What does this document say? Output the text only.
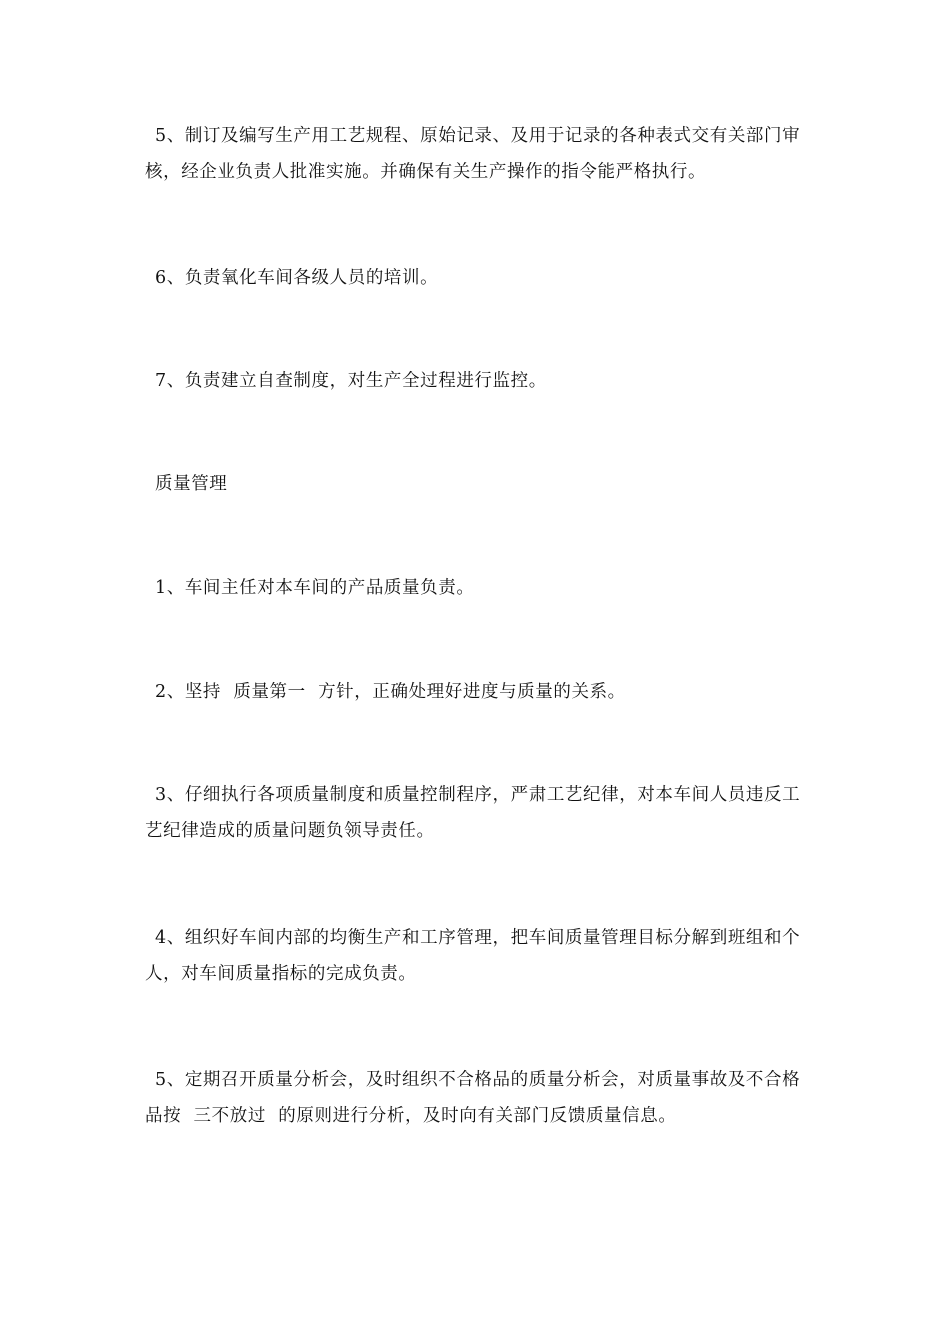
5、制订及编写生产用工艺规程、原始记录、及用于记录的各种表式交有关部门审核，经企业负责人批准实施。并确保有关生产操作的指令能严格执行。

6、负责氧化车间各级人员的培训。

7、负责建立自查制度，对生产全过程进行监控。

质量管理

1、车间主任对本车间的产品质量负责。

2、坚持  质量第一  方针，正确处理好进度与质量的关系。

3、仔细执行各项质量制度和质量控制程序，严肃工艺纪律，对本车间人员违反工艺纪律造成的质量问题负领导责任。

4、组织好车间内部的均衡生产和工序管理，把车间质量管理目标分解到班组和个人，对车间质量指标的完成负责。

5、定期召开质量分析会，及时组织不合格品的质量分析会，对质量事故及不合格品按  三不放过  的原则进行分析，及时向有关部门反馈质量信息。
